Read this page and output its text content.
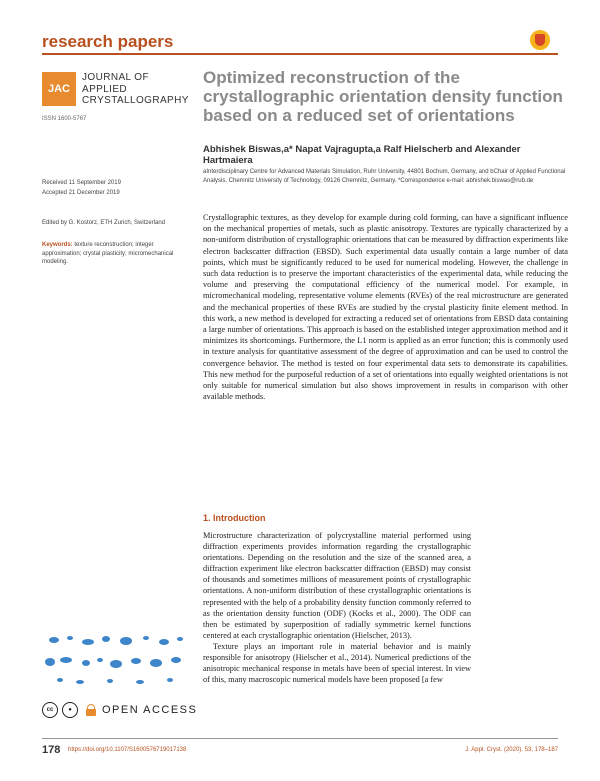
research papers
JAC
JOURNAL OF
APPLIED
CRYSTALLOGRAPHY
ISSN 1600-5767
Optimized reconstruction of the crystallographic orientation density function based on a reduced set of orientations
Abhishek Biswas,a* Napat Vajragupta,a Ralf Hielscherb and Alexander Hartmaiera
aInterdisciplinary Centre for Advanced Materials Simulation, Ruhr University, 44801 Bochum, Germany, and bChair of Applied Functional Analysis, Chemnitz University of Technology, 09126 Chemnitz, Germany. *Correspondence e-mail: abhishek.biswas@rub.de
Received 11 September 2019
Accepted 21 December 2019
Edited by G. Kostorz, ETH Zurich, Switzerland
Keywords: texture reconstruction; integer approximation; crystal plasticity; micromechanical modeling.
Crystallographic textures, as they develop for example during cold forming, can have a significant influence on the mechanical properties of metals, such as plastic anisotropy. Textures are typically characterized by a non-uniform distribution of crystallographic orientations that can be measured by diffraction experiments like electron backscatter diffraction (EBSD). Such experimental data usually contain a large number of data points, which must be significantly reduced to be used for numerical modeling. However, the challenge in such data reduction is to preserve the important characteristics of the experimental data, while reducing the volume and preserving the computational efficiency of the numerical model. For example, in micromechanical modeling, representative volume elements (RVEs) of the real microstructure are generated and the mechanical properties of these RVEs are studied by the crystal plasticity finite element method. In this work, a new method is developed for extracting a reduced set of orientations from EBSD data containing a large number of orientations. This approach is based on the established integer approximation method and it minimizes its shortcomings. Furthermore, the L1 norm is applied as an error function; this is commonly used in texture analysis for quantitative assessment of the degree of approximation and can be used to control the convergence behavior. The method is tested on four experimental data sets to demonstrate its capabilities. This new method for the purposeful reduction of a set of orientations into equally weighted orientations is not only suitable for numerical simulation but also shows improvement in results in comparison with other available methods.
1. Introduction

Microstructure characterization of polycrystalline material performed using diffraction experiments provides information regarding the crystallographic orientations. Depending on the resolution and the size of the scanned area, a diffraction experiment like electron backscatter diffraction (EBSD) may consist of thousands and sometimes millions of measurement points of crystallographic orientations. A non-uniform distribution of these crystallographic orientations is represented with the help of a probability density function commonly referred to as the orientation density function (ODF) (Kocks et al., 2000). The ODF can then be estimated by superposition of radially symmetric kernel functions centered at each crystallographic orientation (Hielscher, 2013).

Texture plays an important role in material behavior and is mainly responsible for anisotropy (Hielscher et al., 2014). Numerical predictions of the anisotropic mechanical response in metals have been of special interest. In view of this, many macroscopic numerical models have been proposed [a few

cc	●	OPEN ACCESS
178 https://doi.org/10.1107/S1600576719017138	J. Appl. Cryst. (2020). 53, 178–187
